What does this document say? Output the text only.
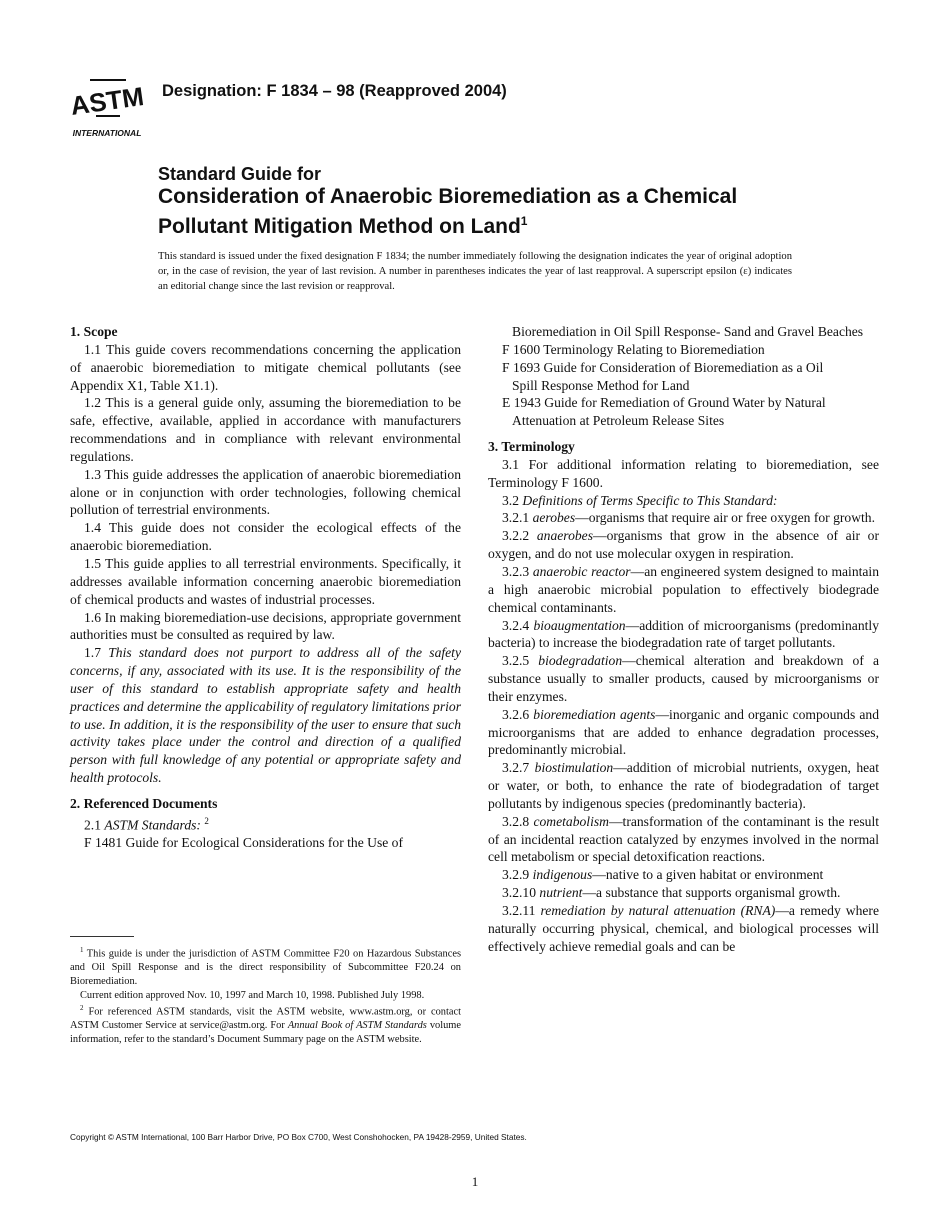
ASTM
INTERNATIONAL
Designation: F 1834 – 98 (Reapproved 2004)
Standard Guide for
Consideration of Anaerobic Bioremediation as a Chemical
Pollutant Mitigation Method on Land$^1$
This standard is issued under the fixed designation F 1834; the number immediately following the designation indicates the year of original adoption or, in the case of revision, the year of last revision. A number in parentheses indicates the year of last reapproval. A superscript epsilon (ε) indicates an editorial change since the last revision or reapproval.

1. Scope

1.1 This guide covers recommendations concerning the application of anaerobic bioremediation to mitigate chemical pollutants (see Appendix X1, Table X1.1).

1.2 This is a general guide only, assuming the bioremediation to be safe, effective, available, applied in accordance with manufacturers recommendations and in compliance with relevant environmental regulations.

1.3 This guide addresses the application of anaerobic bioremediation alone or in conjunction with order technologies, following chemical pollution of terrestrial environments.

1.4 This guide does not consider the ecological effects of the anaerobic bioremediation.

1.5 This guide applies to all terrestrial environments. Specifically, it addresses available information concerning anaerobic bioremediation of chemical products and wastes of industrial processes.

1.6 In making bioremediation-use decisions, appropriate government authorities must be consulted as required by law.

1.7 This standard does not purport to address all of the safety concerns, if any, associated with its use. It is the responsibility of the user of this standard to establish appropriate safety and health practices and determine the applicability of regulatory limitations prior to use. In addition, it is the responsibility of the user to ensure that such activity takes place under the control and direction of a qualified person with full knowledge of any potential or appropriate safety and health protocols.

2. Referenced Documents

2.1 ASTM Standards: $^2$

F 1481 Guide for Ecological Considerations for the Use of

$^1$ This guide is under the jurisdiction of ASTM Committee F20 on Hazardous Substances and Oil Spill Response and is the direct responsibility of Subcommittee F20.24 on Bioremediation.

Current edition approved Nov. 10, 1997 and March 10, 1998. Published July 1998.

$^2$ For referenced ASTM standards, visit the ASTM website, www.astm.org, or contact ASTM Customer Service at service@astm.org. For Annual Book of ASTM Standards volume information, refer to the standard’s Document Summary page on the ASTM website.

Bioremediation in Oil Spill Response- Sand and Gravel Beaches

F 1600 Terminology Relating to Bioremediation

F 1693 Guide for Consideration of Bioremediation as a Oil

Spill Response Method for Land

E 1943 Guide for Remediation of Ground Water by Natural

Attenuation at Petroleum Release Sites

3. Terminology

3.1 For additional information relating to bioremediation, see Terminology F 1600.

3.2 Definitions of Terms Specific to This Standard:

3.2.1 aerobes—organisms that require air or free oxygen for growth.

3.2.2 anaerobes—organisms that grow in the absence of air or oxygen, and do not use molecular oxygen in respiration.

3.2.3 anaerobic reactor—an engineered system designed to maintain a high anaerobic microbial population to effectively biodegrade chemical contaminants.

3.2.4 bioaugmentation—addition of microorganisms (predominantly bacteria) to increase the biodegradation rate of target pollutants.

3.2.5 biodegradation—chemical alteration and breakdown of a substance usually to smaller products, caused by microorganisms or their enzymes.

3.2.6 bioremediation agents—inorganic and organic compounds and microorganisms that are added to enhance degradation processes, predominantly microbial.

3.2.7 biostimulation—addition of microbial nutrients, oxygen, heat or water, or both, to enhance the rate of biodegradation of target pollutants by indigenous species (predominantly bacteria).

3.2.8 cometabolism—transformation of the contaminant is the result of an incidental reaction catalyzed by enzymes involved in the normal cell metabolism or special detoxification reactions.

3.2.9 indigenous—native to a given habitat or environment

3.2.10 nutrient—a substance that supports organismal growth.

3.2.11 remediation by natural attenuation (RNA)—a remedy where naturally occurring physical, chemical, and biological processes will effectively achieve remedial goals and can be

Copyright © ASTM International, 100 Barr Harbor Drive, PO Box C700, West Conshohocken, PA 19428-2959, United States.
1
